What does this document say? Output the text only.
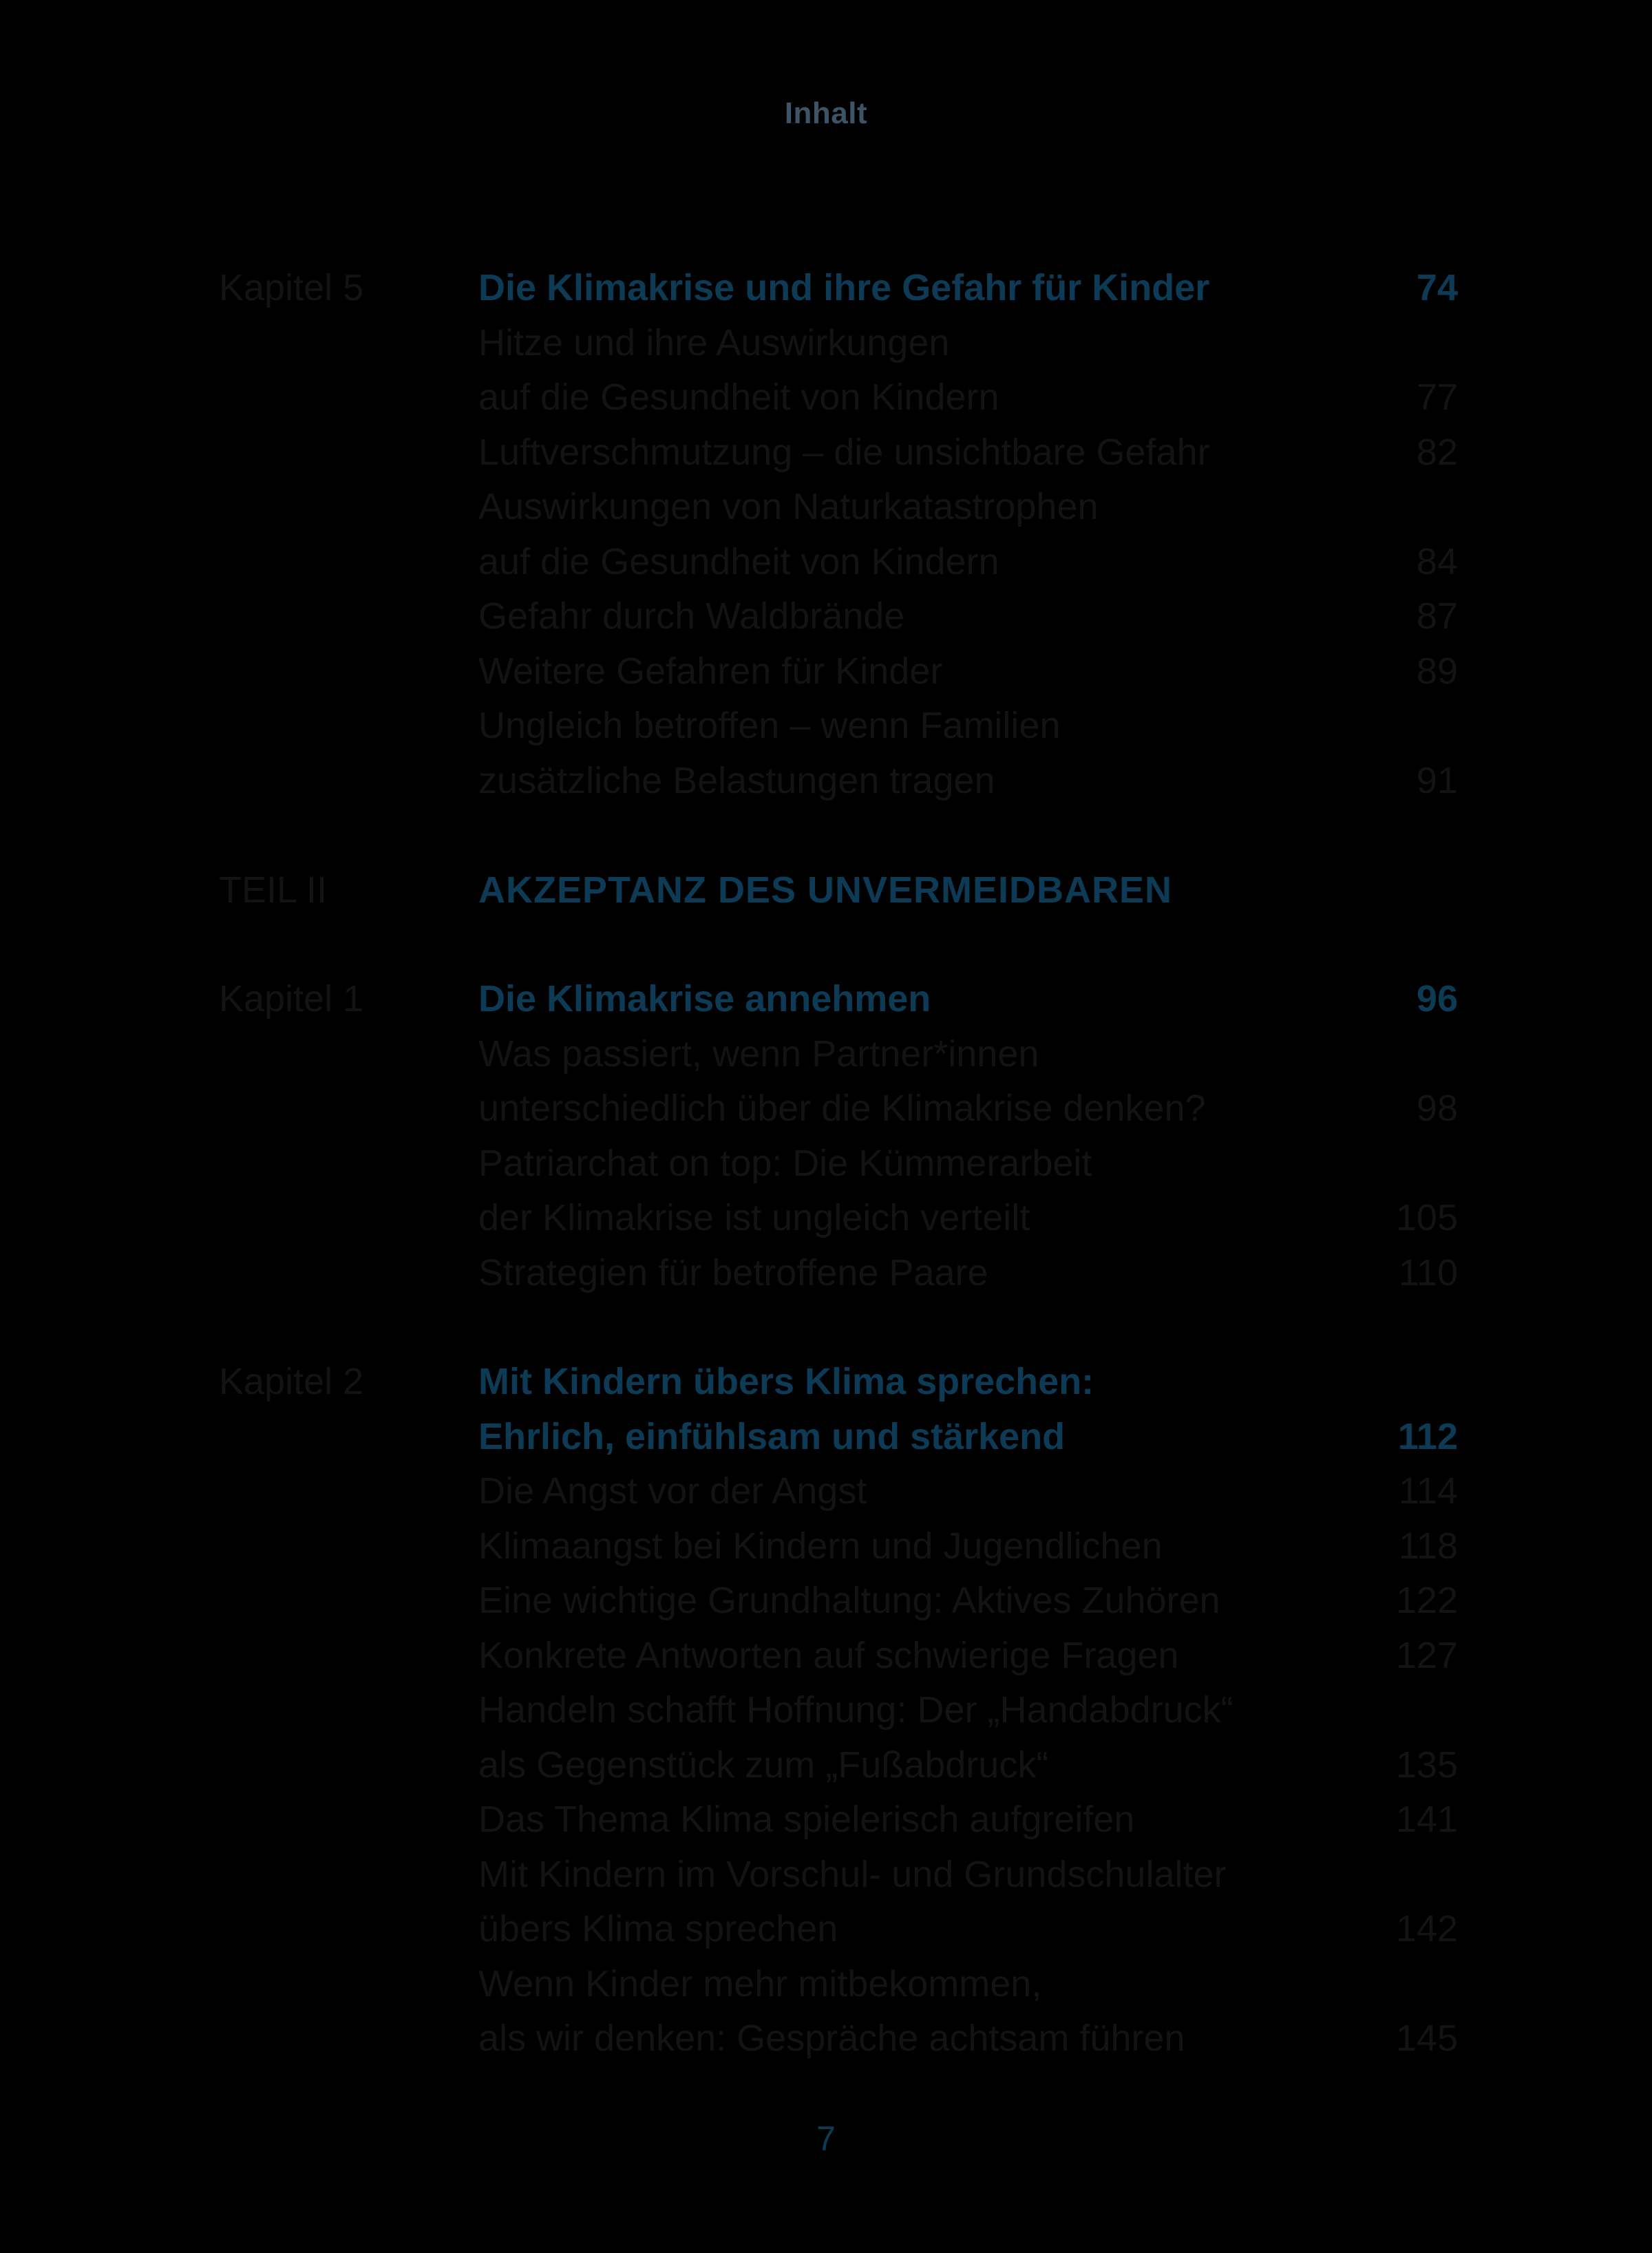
Inhalt
Kapitel 5	Die Klimakrise und ihre Gefahr für Kinder	74
Hitze und ihre Auswirkungen
auf die Gesundheit von Kindern	77
Luftverschmutzung – die unsichtbare Gefahr	82
Auswirkungen von Naturkatastrophen
auf die Gesundheit von Kindern	84
Gefahr durch Waldbrände	87
Weitere Gefahren für Kinder	89
Ungleich betroffen – wenn Familien
zusätzliche Belastungen tragen	91
TEIL II	AKZEPTANZ DES UNVERMEIDBAREN
Kapitel 1	Die Klimakrise annehmen	96
Was passiert, wenn Partner*innen
unterschiedlich über die Klimakrise denken?	98
Patriarchat on top: Die Kümmerarbeit
der Klimakrise ist ungleich verteilt	105
Strategien für betroffene Paare	110
Kapitel 2	Mit Kindern übers Klima sprechen:
Ehrlich, einfühlsam und stärkend	112
Die Angst vor der Angst	114
Klimaangst bei Kindern und Jugendlichen	118
Eine wichtige Grundhaltung: Aktives Zuhören	122
Konkrete Antworten auf schwierige Fragen	127
Handeln schafft Hoffnung: Der „Handabdruck“
als Gegenstück zum „Fußabdruck“	135
Das Thema Klima spielerisch aufgreifen	141
Mit Kindern im Vorschul- und Grundschulalter
übers Klima sprechen	142
Wenn Kinder mehr mitbekommen,
als wir denken: Gespräche achtsam führen	145
7
